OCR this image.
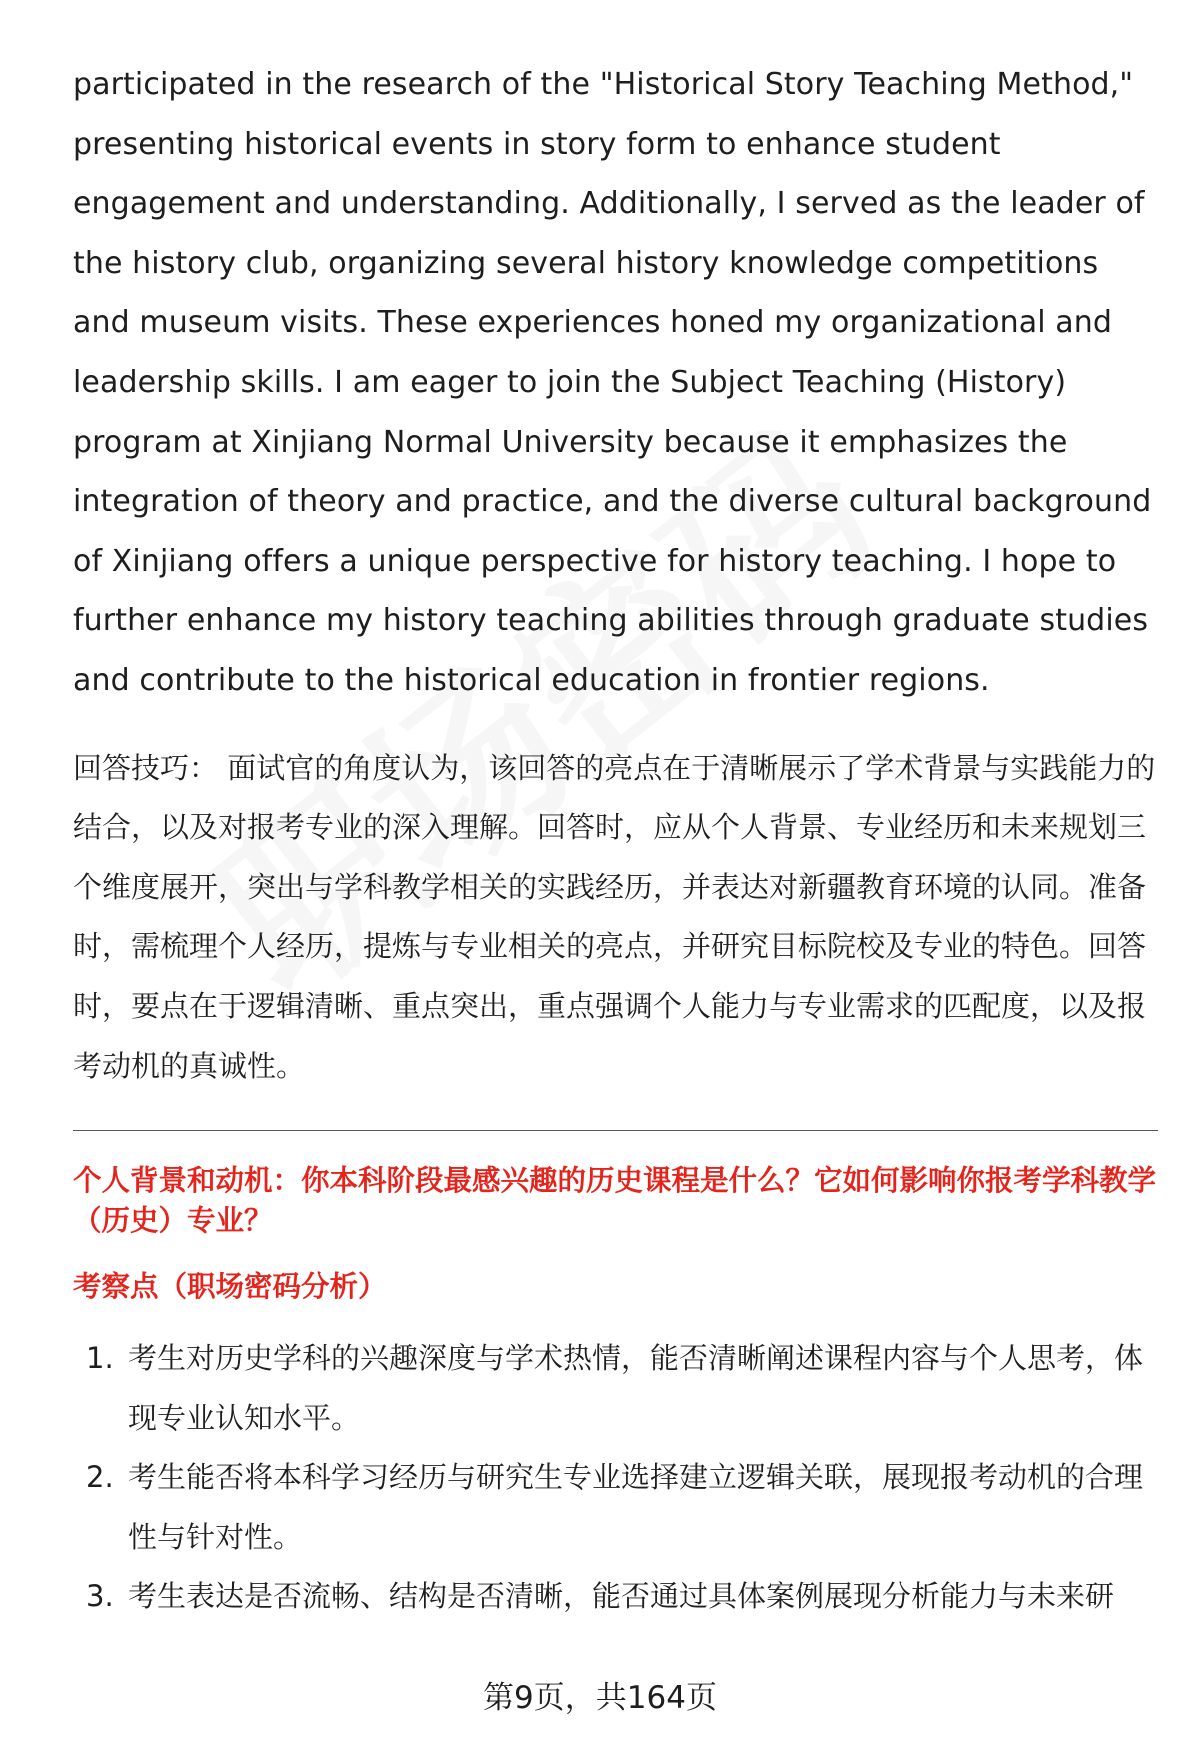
participated in the research of the "Historical Story Teaching Method," presenting historical events in story form to enhance student engagement and understanding. Additionally, I served as the leader of the history club, organizing several history knowledge competitions and museum visits. These experiences honed my organizational and leadership skills. I am eager to join the Subject Teaching (History) program at Xinjiang Normal University because it emphasizes the integration of theory and practice, and the diverse cultural background of Xinjiang offers a unique perspective for history teaching. I hope to further enhance my history teaching abilities through graduate studies and contribute to the historical education in frontier regions.

回答技巧： 面试官的角度认为，该回答的亮点在于清晰展示了学术背景与实践能力的结合，以及对报考专业的深入理解。回答时，应从个人背景、专业经历和未来规划三个维度展开，突出与学科教学相关的实践经历，并表达对新疆教育环境的认同。准备时，需梳理个人经历，提炼与专业相关的亮点，并研究目标院校及专业的特色。回答时，要点在于逻辑清晰、重点突出，重点强调个人能力与专业需求的匹配度，以及报考动机的真诚性。

个人背景和动机：你本科阶段最感兴趣的历史课程是什么？它如何影响你报考学科教学（历史）专业？
考察点（职场密码分析）
1. 考生对历史学科的兴趣深度与学术热情，能否清晰阐述课程内容与个人思考，体现专业认知水平。
2. 考生能否将本科学习经历与研究生专业选择建立逻辑关联，展现报考动机的合理性与针对性。
3. 考生表达是否流畅、结构是否清晰，能否通过具体案例展现分析能力与未来研
第9页，共164页
